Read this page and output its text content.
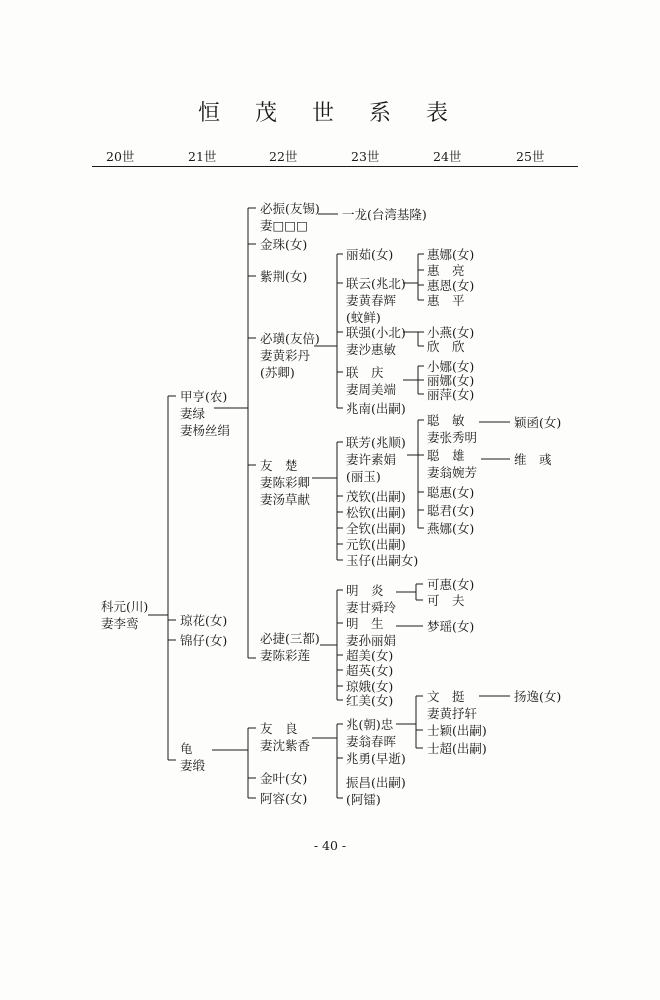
恒 茂 世 系 表
20世	21世	22世	23世	24世	25世
科元(川)
妻李鸾
甲亨(农)
妻绿
妻杨丝绢
琼花(女)
锦仔(女)
龟
妻缎
必振(友锡)
妻□□□
金珠(女)
紫荆(女)
必璜(友倍)
妻黄彩丹
(苏卿)
友　楚
妻陈彩卿
妻汤草献
必捷(三都)
妻陈彩莲
友　良
妻沈紫香
金叶(女)
阿容(女)
一龙(台湾基隆)
丽茹(女)
联云(兆北)
妻黄春辉
(蚊鲜)
联强(小北)
妻沙惠敏
联　庆
妻周美端
兆南(出嗣)
联芳(兆顺)
妻许素娟
(丽玉)
茂钦(出嗣)
松钦(出嗣)
全钦(出嗣)
元钦(出嗣)
玉仔(出嗣女)
明　炎
妻甘舜玲
明　生
妻孙丽娟
超美(女)
超英(女)
琼娥(女)
红美(女)
兆(朝)忠
妻翁春晖
兆勇(早逝)
振昌(出嗣)
(阿镭)
惠娜(女)
惠　亮
惠恩(女)
惠　平
小燕(女)
欣　欣
小娜(女)
丽娜(女)
丽萍(女)
聪　敏
妻张秀明
聪　雄
妻翁婉芳
聪惠(女)
聪君(女)
燕娜(女)
可惠(女)
可　夫
梦瑶(女)
文　挺
妻黄抒轩
士颖(出嗣)
士超(出嗣)
颖函(女)
维　彧
扬逸(女)
- 40 -
